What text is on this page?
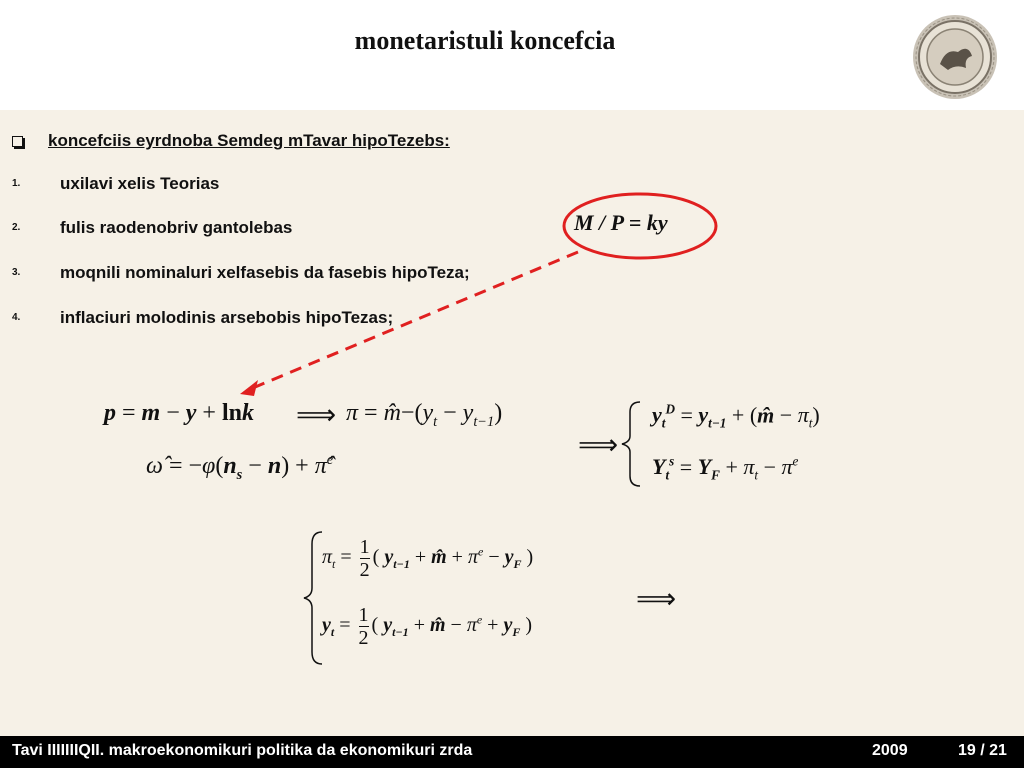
monetaristuli koncefcia
koncefciis eyrdnoba Semdeg mTavar hipoTezebs:
1. uxilavi xelis Teorias
2. fulis raodenobriv gantolebas
3. moqnili nominaluri xelfasebis da fasebis hipoTeza;
4. inflaciuri molodinis arsebobis hipoTezas;
M / P = ky
p = m − y + lnk ⟹ $\pi = m̂-(y_t - y_{t-1})$
ω̂ = $-\varphi(n_s - n)$ + π̂$^e$	⟹
$y_t^D = y_{t-1}$ + (m̂ − $\pi_t$)
$Y_t^s = Y_F + \pi_t - \pi^e$
$\pi_t = \frac{1}{2}$ ( $y_{t-1}$ + m̂ + $\pi^e - y_F$ )
$y_t = \frac{1}{2}$ ( $y_{t-1}$ + m̂ − $\pi^e + y_F$ )
⟹
Tavi IIIIIIIQII. makroekonomikuri politika da ekonomikuri zrda	2009	19 / 21
